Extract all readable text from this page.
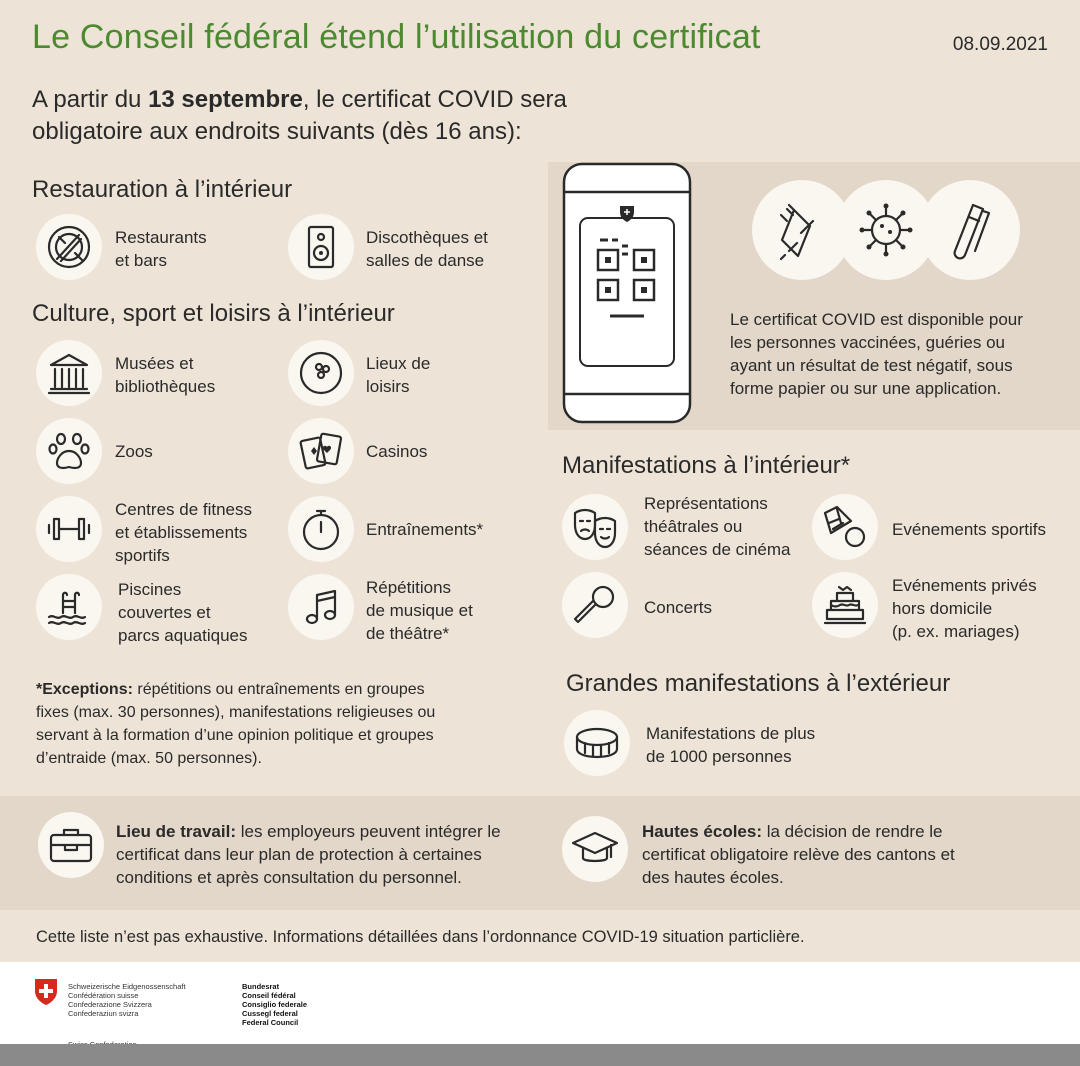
Le Conseil fédéral étend l’utilisation du certificat	08.09.2021
A partir du 13 septembre, le certificat COVID sera
obligatoire aux endroits suivants (dès 16 ans):
Le certificat COVID est disponible pour
les personnes vaccinées, guéries ou
ayant un résultat de test négatif, sous
forme papier ou sur une application.
Restauration à l’intérieur
Restaurants
et bars
Discothèques et
salles de danse
Culture, sport et loisirs à l’intérieur
Musées et
bibliothèques
Lieux de
loisirs
Zoos	Casinos
Centres de fitness
et établissements
sportifs
Entraînements*
Piscines
couvertes et
parcs aquatiques
Répétitions
de musique et
de théâtre*
*Exceptions: répétitions ou entraînements en groupes
fixes (max. 30 personnes), manifestations religieuses ou
servant à la formation d’une opinion politique et groupes
d’entraide (max. 50 personnes).
Manifestations à l’intérieur*
Représentations
théâtrales ou
séances de cinéma
Evénements sportifs
Concerts
Evénements privés
hors domicile
(p. ex. mariages)
Grandes manifestations à l’extérieur
Manifestations de plus
de 1000 personnes
Lieu de travail: les employeurs peuvent intégrer le
certificat dans leur plan de protection à certaines
conditions et après consultation du personnel.
Hautes écoles: la décision de rendre le
certificat obligatoire relève des cantons et
des hautes écoles.
Cette liste n’est pas exhaustive. Informations détaillées dans l’ordonnance COVID-19 situation particlière.
Schweizerische Eidgenossenschaft
Confédération suisse
Confederazione Svizzera
Confederaziun svizra
Bundesrat
Conseil fédéral
Consiglio federale
Cussegl federal
Federal Council
